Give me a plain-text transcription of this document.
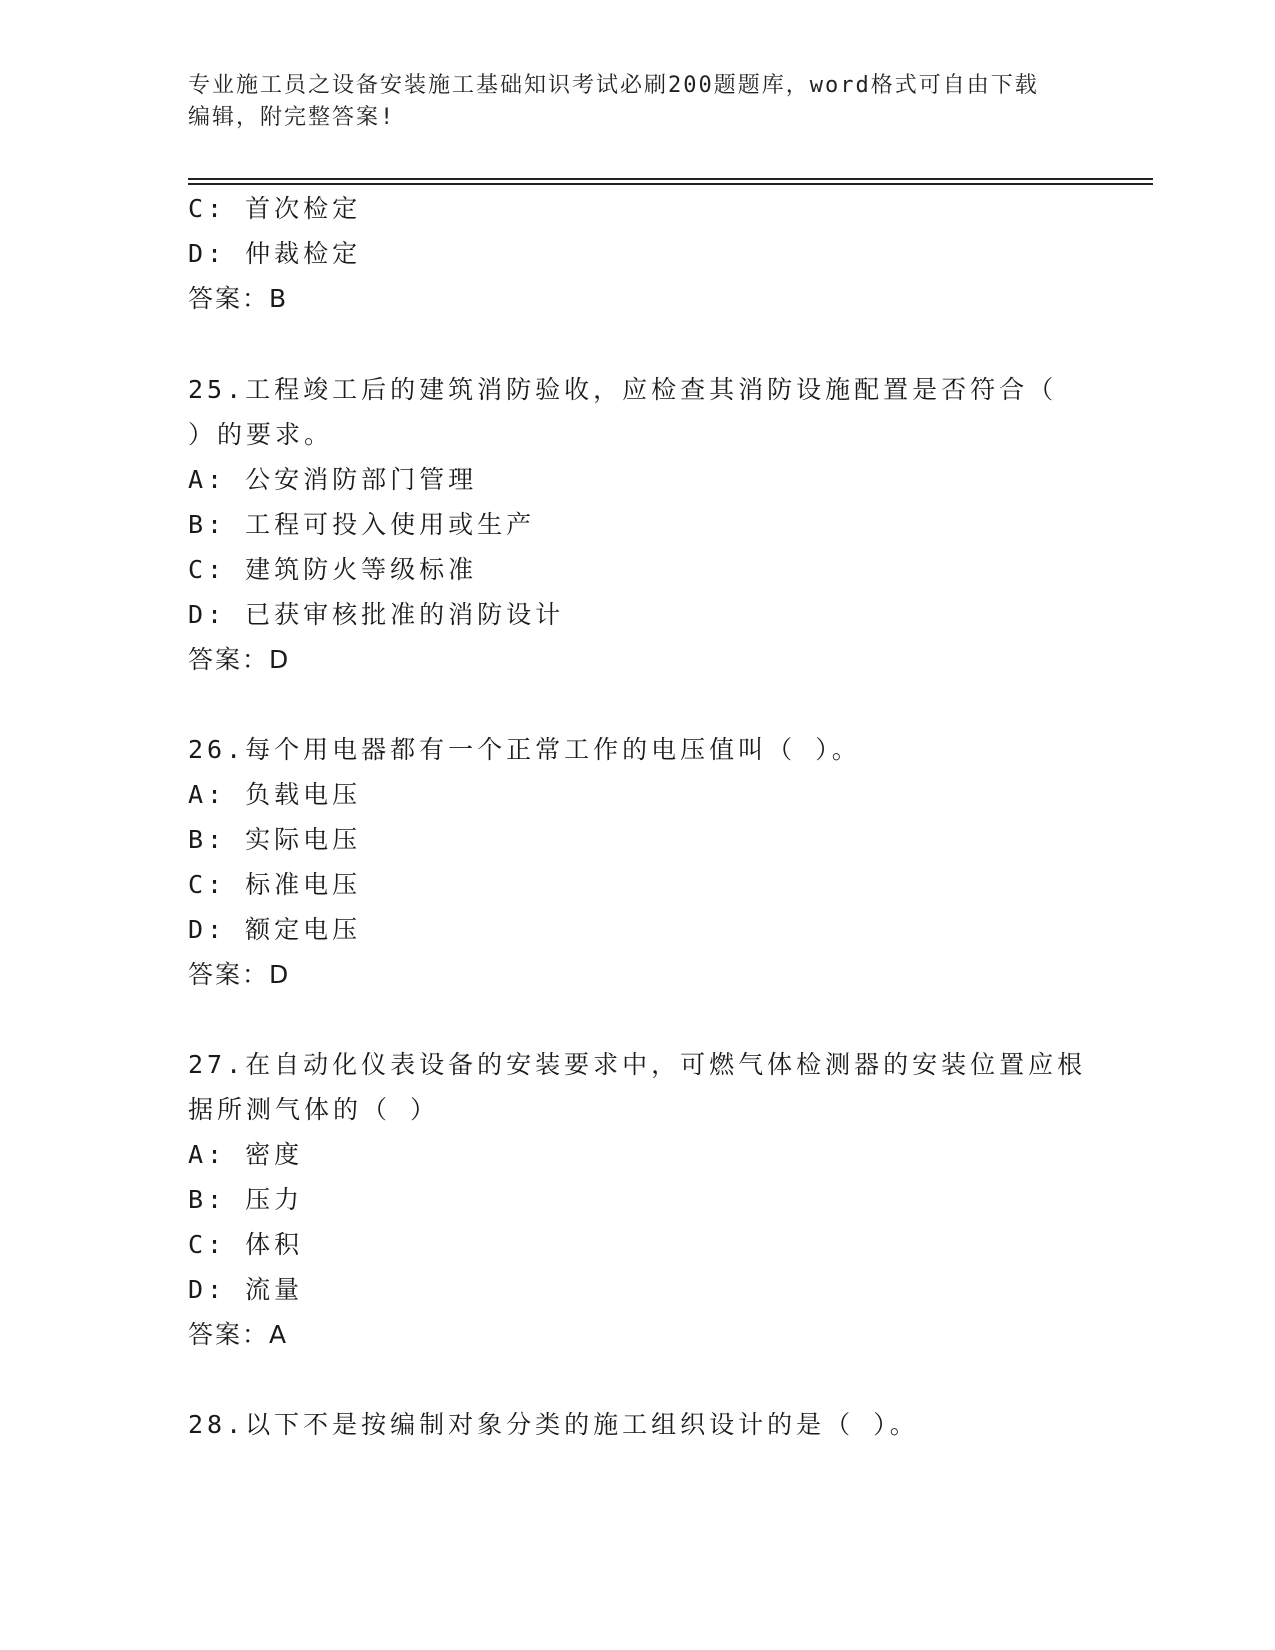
专业施工员之设备安装施工基础知识考试必刷200题题库，word格式可自由下载
编辑，附完整答案!
C: 首次检定
D: 仲裁检定
答案：B
25.工程竣工后的建筑消防验收，应检查其消防设施配置是否符合（
）的要求。
A: 公安消防部门管理
B: 工程可投入使用或生产
C: 建筑防火等级标准
D: 已获审核批准的消防设计
答案：D
26.每个用电器都有一个正常工作的电压值叫（ ）。
A: 负载电压
B: 实际电压
C: 标准电压
D: 额定电压
答案：D
27.在自动化仪表设备的安装要求中，可燃气体检测器的安装位置应根
据所测气体的（ ）
A: 密度
B: 压力
C: 体积
D: 流量
答案：A
28.以下不是按编制对象分类的施工组织设计的是（ ）。
